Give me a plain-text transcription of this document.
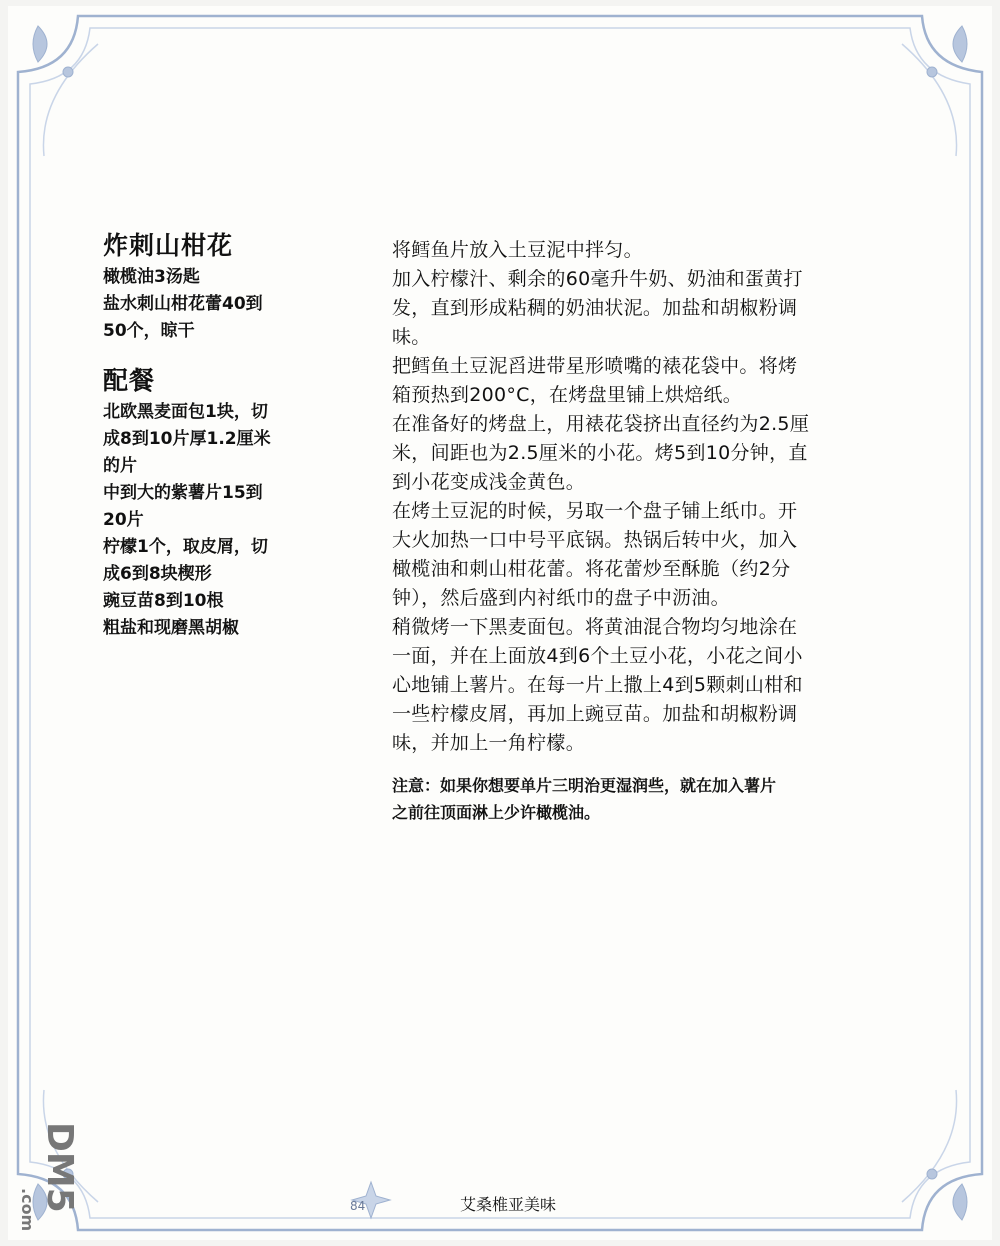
炸刺山柑花

橄榄油3汤匙

盐水刺山柑花蕾40到

50个，晾干

配餐

北欧黑麦面包1块，切

成8到10片厚1.2厘米

的片

中到大的紫薯片15到

20片

柠檬1个，取皮屑，切

成6到8块楔形

豌豆苗8到10根

粗盐和现磨黑胡椒

将鳕鱼片放入土豆泥中拌匀。

加入柠檬汁、剩余的60毫升牛奶、奶油和蛋黄打

发，直到形成粘稠的奶油状泥。加盐和胡椒粉调

味。

把鳕鱼土豆泥舀进带星形喷嘴的裱花袋中。将烤

箱预热到200°C，在烤盘里铺上烘焙纸。

在准备好的烤盘上，用裱花袋挤出直径约为2.5厘

米，间距也为2.5厘米的小花。烤5到10分钟，直

到小花变成浅金黄色。

在烤土豆泥的时候，另取一个盘子铺上纸巾。开

大火加热一口中号平底锅。热锅后转中火，加入

橄榄油和刺山柑花蕾。将花蕾炒至酥脆（约2分

钟），然后盛到内衬纸巾的盘子中沥油。

稍微烤一下黑麦面包。将黄油混合物均匀地涂在

一面，并在上面放4到6个土豆小花，小花之间小

心地铺上薯片。在每一片上撒上4到5颗刺山柑和

一些柠檬皮屑，再加上豌豆苗。加盐和胡椒粉调

味，并加上一角柠檬。

注意：如果你想要单片三明治更湿润些，就在加入薯片

之前往顶面淋上少许橄榄油。

84	艾桑椎亚美味
DM5
.com
